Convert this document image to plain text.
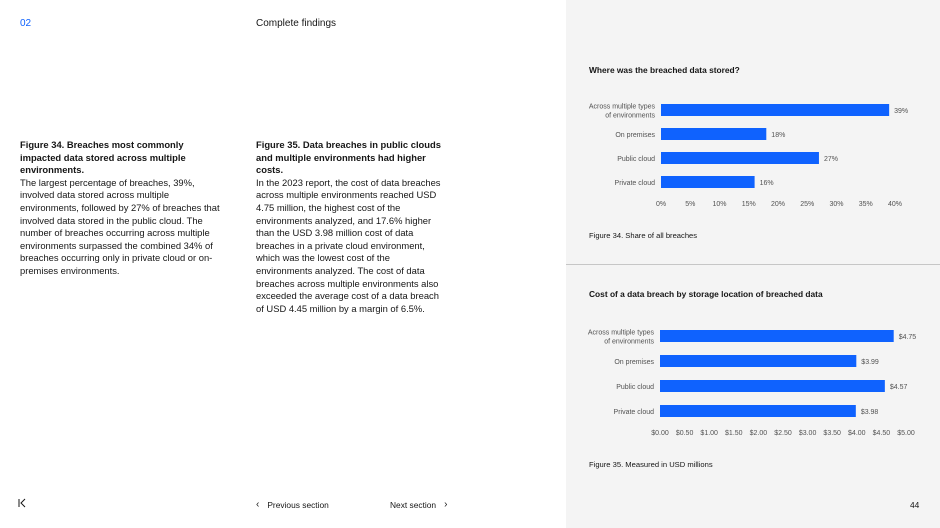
02	Complete findings
Figure 34. Breaches most commonly impacted data stored across multiple environments.
The largest percentage of breaches, 39%, involved data stored across multiple environments, followed by 27% of breaches that involved data stored in the public cloud. The number of breaches occurring across multiple environments surpassed the combined 34% of breaches occurring only in private cloud or on-premises environments.
Figure 35. Data breaches in public clouds and multiple environments had higher costs.
In the 2023 report, the cost of data breaches across multiple environments reached USD 4.75 million, the highest cost of the environments analyzed, and 17.6% higher than the USD 3.98 million cost of data breaches in a private cloud environment, which was the lowest cost of the environments analyzed. The cost of data breaches across multiple environments also exceeded the average cost of a data breach of USD 4.45 million by a margin of 6.5%.
Where was the breached data stored?
Across multiple types
of environments
39%
On premises	18%
Public cloud	27%
Private cloud	16%
0%	5% 10% 15% 20% 25% 30% 35% 40%
Figure 34. Share of all breaches
Cost of a data breach by storage location of breached data
Across multiple types
of environments
$4.75
On premises	$3.99
Public cloud	$4.57
Private cloud	$3.98
$0.00 $0.50 $1.00 $1.50 $2.00 $2.50 $3.00 $3.50 $4.00 $4.50 $5.00
Figure 35. Measured in USD millions
‹ Previous section	Next section ›	44
